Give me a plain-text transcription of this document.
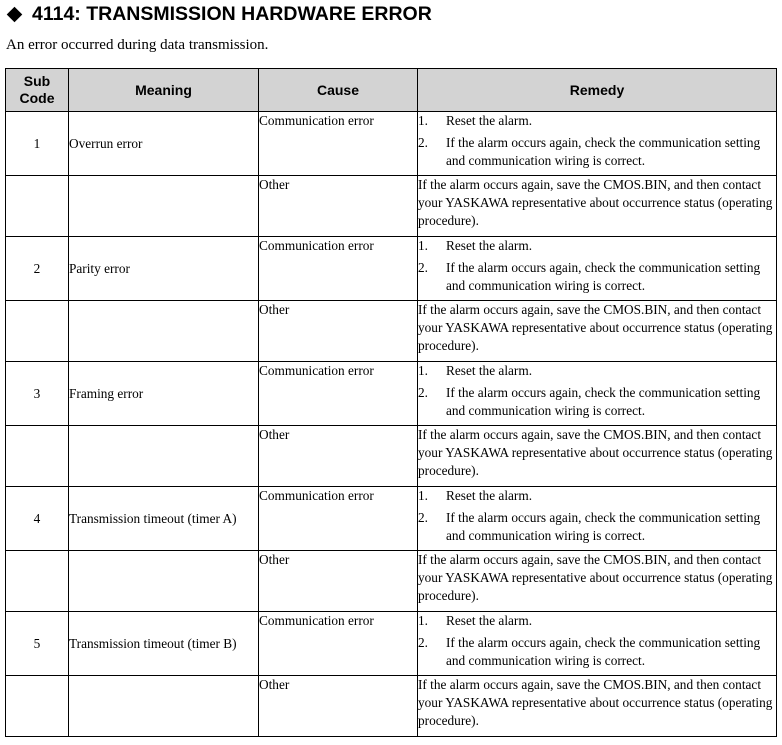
4114: TRANSMISSION HARDWARE ERROR
An error occurred during data transmission.
Sub Code	Meaning	Cause	Remedy
1	Overrun error	Communication error	1. Reset the alarm.
2. If the alarm occurs again, check the communication setting and communication wiring is correct.

		Other	If the alarm occurs again, save the CMOS.BIN, and then contact your YASKAWA representative about occurrence status (operating procedure).
2	Parity error	Communication error	1. Reset the alarm.
2. If the alarm occurs again, check the communication setting and communication wiring is correct.

		Other	If the alarm occurs again, save the CMOS.BIN, and then contact your YASKAWA representative about occurrence status (operating procedure).
3	Framing error	Communication error	1. Reset the alarm.
2. If the alarm occurs again, check the communication setting and communication wiring is correct.

		Other	If the alarm occurs again, save the CMOS.BIN, and then contact your YASKAWA representative about occurrence status (operating procedure).
4	Transmission timeout (timer A)	Communication error	1. Reset the alarm.
2. If the alarm occurs again, check the communication setting and communication wiring is correct.

		Other	If the alarm occurs again, save the CMOS.BIN, and then contact your YASKAWA representative about occurrence status (operating procedure).
5	Transmission timeout (timer B)	Communication error	1. Reset the alarm.
2. If the alarm occurs again, check the communication setting and communication wiring is correct.

		Other	If the alarm occurs again, save the CMOS.BIN, and then contact your YASKAWA representative about occurrence status (operating procedure).
